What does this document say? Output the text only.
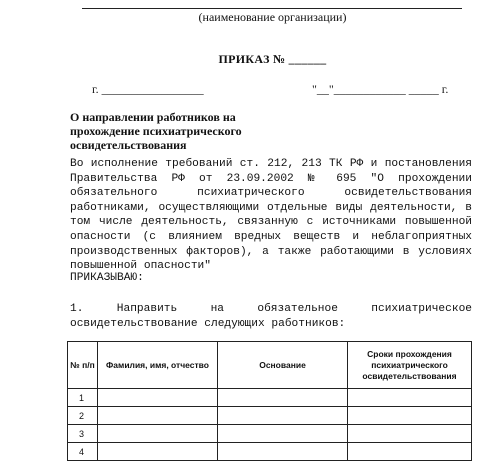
(наименование организации)
ПРИКАЗ № ______
г. _________________	"__"____________ _____ г.
О направлении работников на
прохождение психиатрического
освидетельствования
Во исполнение требований ст. 212, 213 ТК РФ и постановления Правительства РФ от 23.09.2002 № 695 "О прохождении обязательного психиатрического освидетельствования работниками, осуществляющими отдельные виды деятельности, в том числе деятельность, связанную с источниками повышенной опасности (с влиянием вредных веществ и неблагоприятных производственных факторов), а также работающими в условиях повышенной опасности"
ПРИКАЗЫВАЮ:
1. Направить на обязательное психиатрическое освидетельствование следующих работников:
№ п/п	Фамилия, имя, отчество	Основание	Сроки прохождения психиатрического освидетельствования
1			
2			
3			
4			
